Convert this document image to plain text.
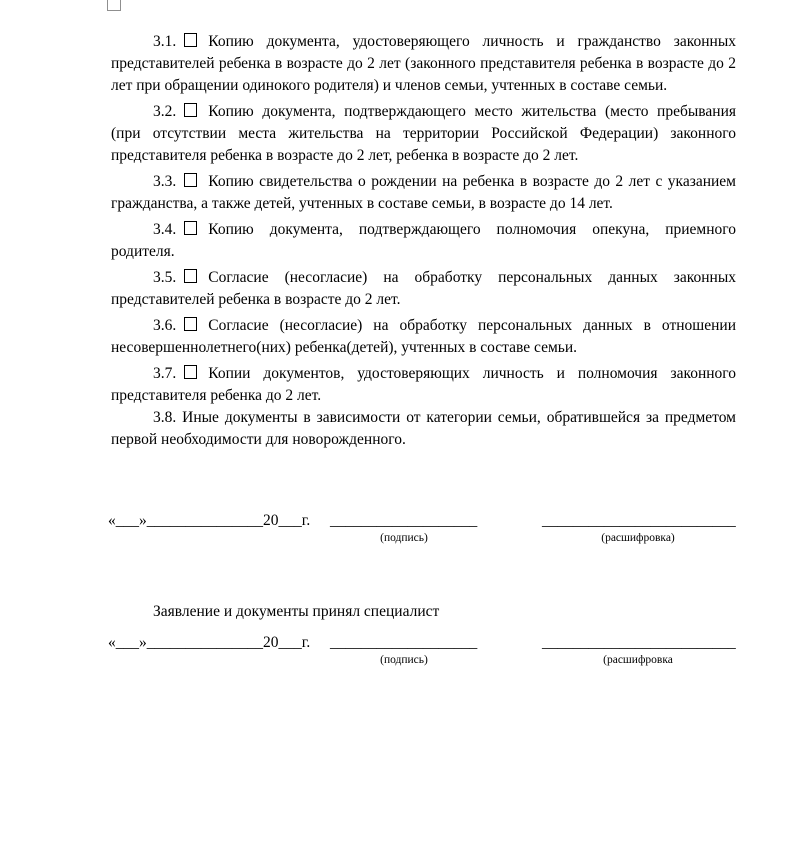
3.1. Копию документа, удостоверяющего личность и гражданство законных представителей ребенка в возрасте до 2 лет (законного представителя ребенка в возрасте до 2 лет при обращении одинокого родителя) и членов семьи, учтенных в составе семьи.

3.2. Копию документа, подтверждающего место жительства (место пребывания (при отсутствии места жительства на территории Российской Федерации) законного представителя ребенка в возрасте до 2 лет, ребенка в возрасте до 2 лет.

3.3. Копию свидетельства о рождении на ребенка в возрасте до 2 лет с указанием гражданства, а также детей, учтенных в составе семьи, в возрасте до 14 лет.

3.4. Копию документа, подтверждающего полномочия опекуна, приемного родителя.

3.5. Согласие (несогласие) на обработку персональных данных законных представителей ребенка в возрасте до 2 лет.

3.6. Согласие (несогласие) на обработку персональных данных в отношении несовершеннолетнего(них) ребенка(детей), учтенных в составе семьи.

3.7. Копии документов, удостоверяющих личность и полномочия законного представителя ребенка до 2 лет.

3.8. Иные документы в зависимости от категории семьи, обратившейся за предметом первой необходимости для новорожденного.

«___»_______________20___г. ___________________	_________________________
(подпись)	(расшифровка)

Заявление и документы принял специалист

«___»_______________20___г. ___________________	_________________________
(подпись)	(расшифровка
